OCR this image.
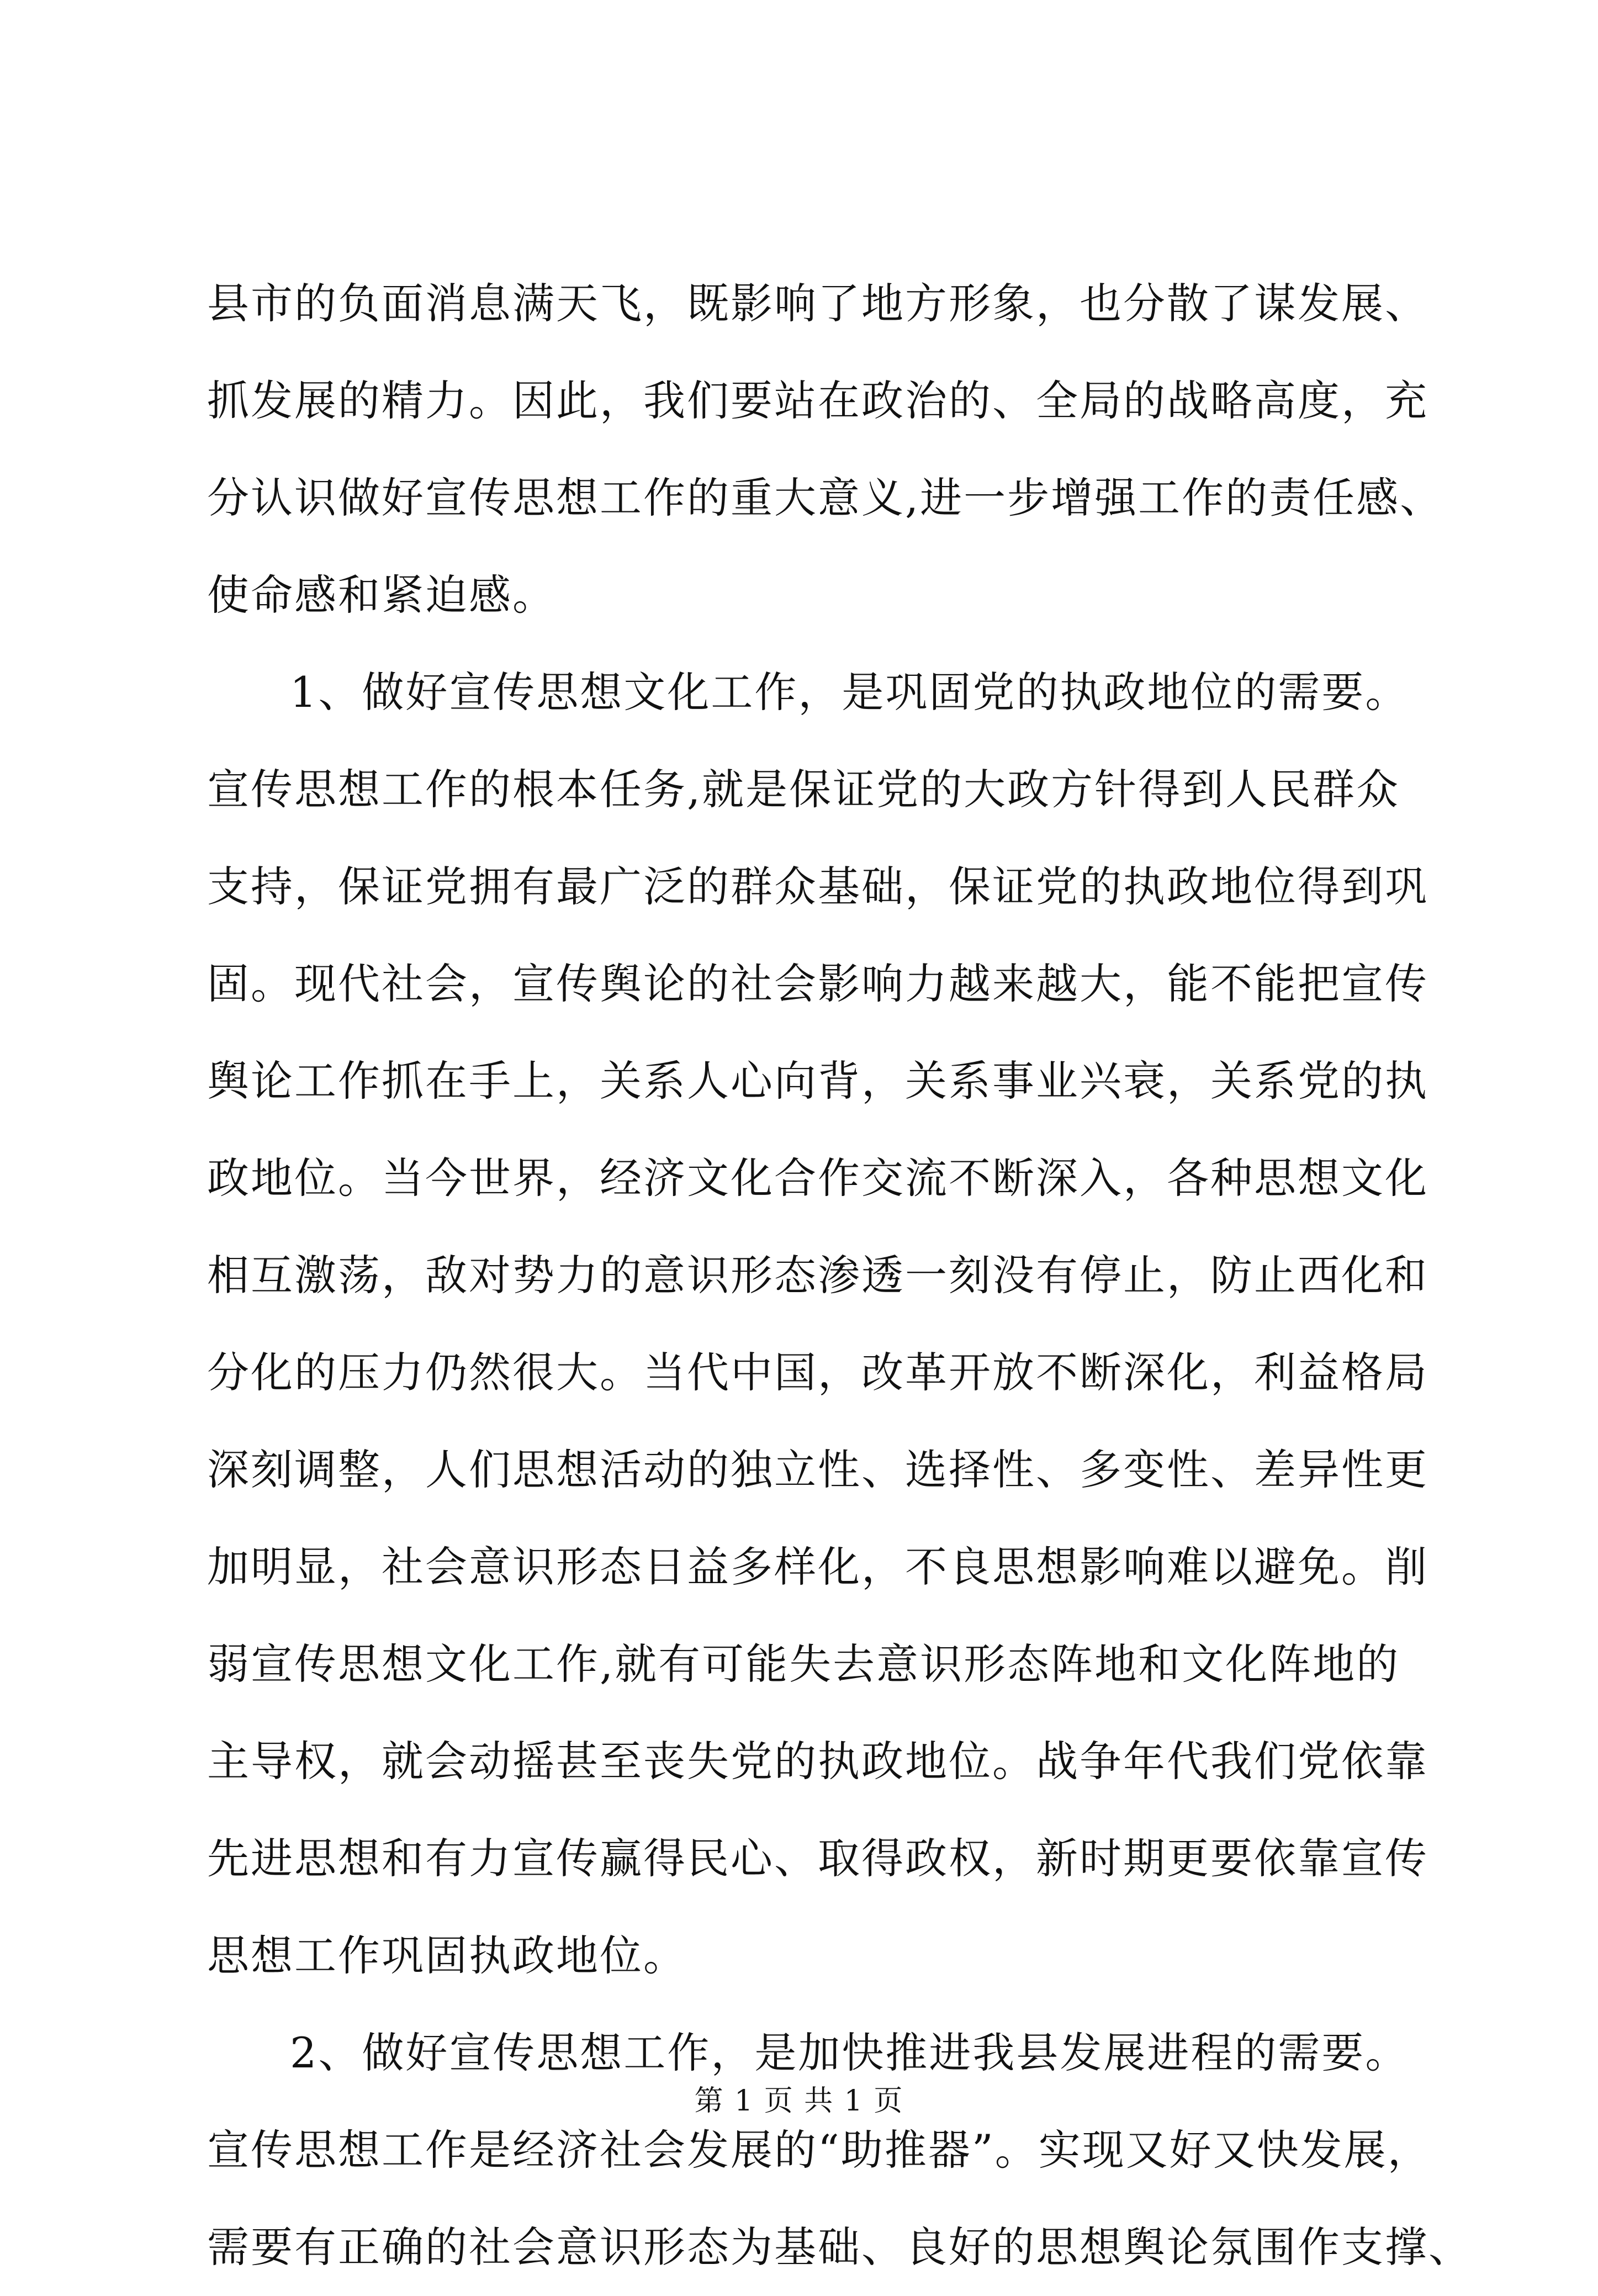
县市的负面消息满天飞，既影响了地方形象，也分散了谋发展、
抓发展的精力。因此，我们要站在政治的、全局的战略高度，充
分认识做好宣传思想工作的重大意义,进一步增强工作的责任感、
使命感和紧迫感。
1、做好宣传思想文化工作，是巩固党的执政地位的需要。
宣传思想工作的根本任务,就是保证党的大政方针得到人民群众
支持，保证党拥有最广泛的群众基础，保证党的执政地位得到巩
固。现代社会，宣传舆论的社会影响力越来越大，能不能把宣传
舆论工作抓在手上，关系人心向背，关系事业兴衰，关系党的执
政地位。当今世界，经济文化合作交流不断深入，各种思想文化
相互激荡，敌对势力的意识形态渗透一刻没有停止，防止西化和
分化的压力仍然很大。当代中国，改革开放不断深化，利益格局
深刻调整，人们思想活动的独立性、选择性、多变性、差异性更
加明显，社会意识形态日益多样化，不良思想影响难以避免。削
弱宣传思想文化工作,就有可能失去意识形态阵地和文化阵地的
主导权，就会动摇甚至丧失党的执政地位。战争年代我们党依靠
先进思想和有力宣传赢得民心、取得政权，新时期更要依靠宣传
思想工作巩固执政地位。
2、做好宣传思想工作，是加快推进我县发展进程的需要。
宣传思想工作是经济社会发展的“助推器”。实现又好又快发展，
需要有正确的社会意识形态为基础、良好的思想舆论氛围作支撑、
第 1 页 共 1 页
